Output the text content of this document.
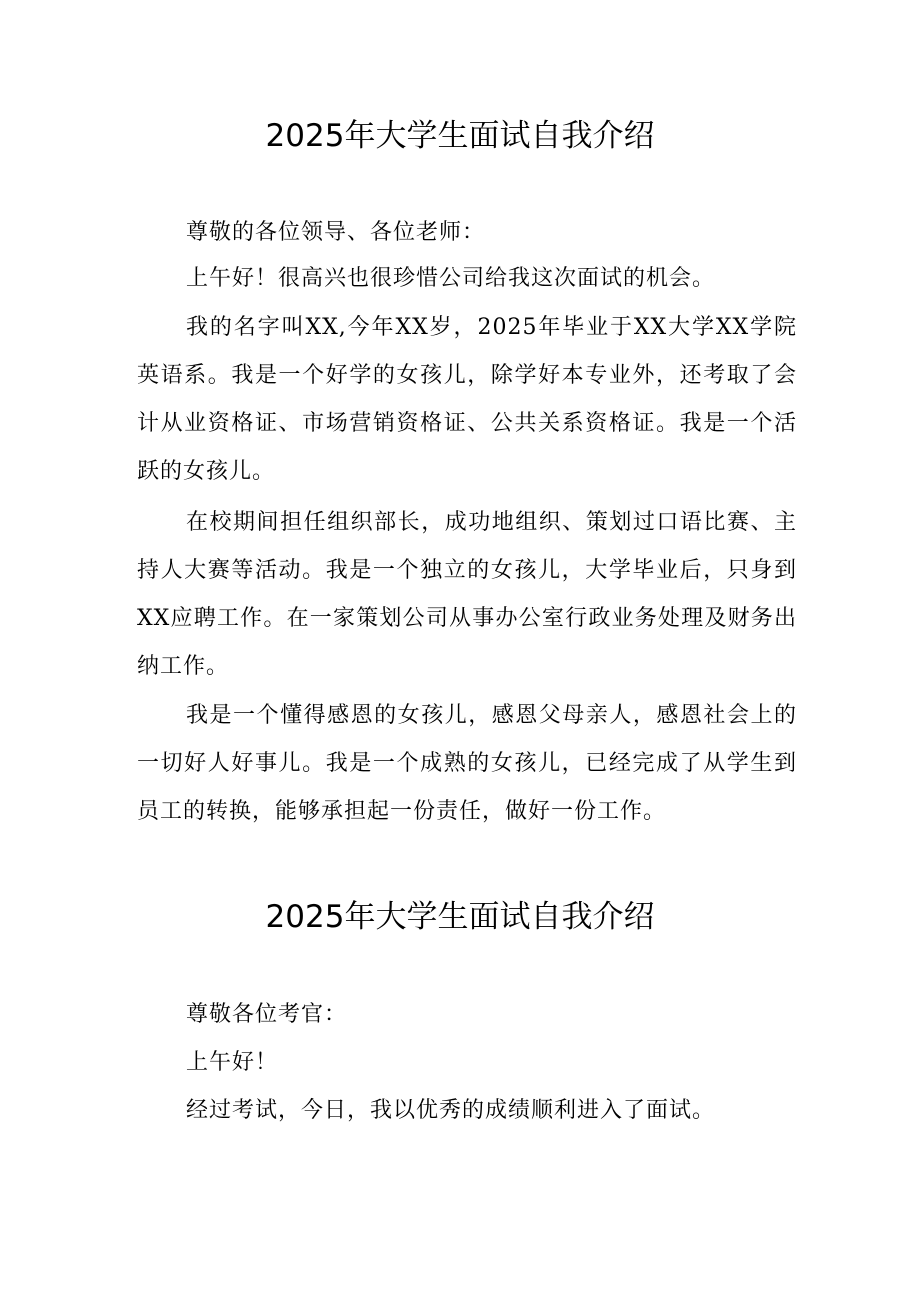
2025年大学生面试自我介绍

尊敬的各位领导、各位老师：

上午好！很高兴也很珍惜公司给我这次面试的机会。

我的名字叫XX,今年XX岁，2025年毕业于XX大学XX学院英语系。我是一个好学的女孩儿，除学好本专业外，还考取了会计从业资格证、市场营销资格证、公共关系资格证。我是一个活跃的女孩儿。

在校期间担任组织部长，成功地组织、策划过口语比赛、主持人大赛等活动。我是一个独立的女孩儿，大学毕业后，只身到XX应聘工作。在一家策划公司从事办公室行政业务处理及财务出纳工作。

我是一个懂得感恩的女孩儿，感恩父母亲人，感恩社会上的一切好人好事儿。我是一个成熟的女孩儿，已经完成了从学生到员工的转换，能够承担起一份责任，做好一份工作。

2025年大学生面试自我介绍

尊敬各位考官：

上午好！

经过考试，今日，我以优秀的成绩顺利进入了面试。
